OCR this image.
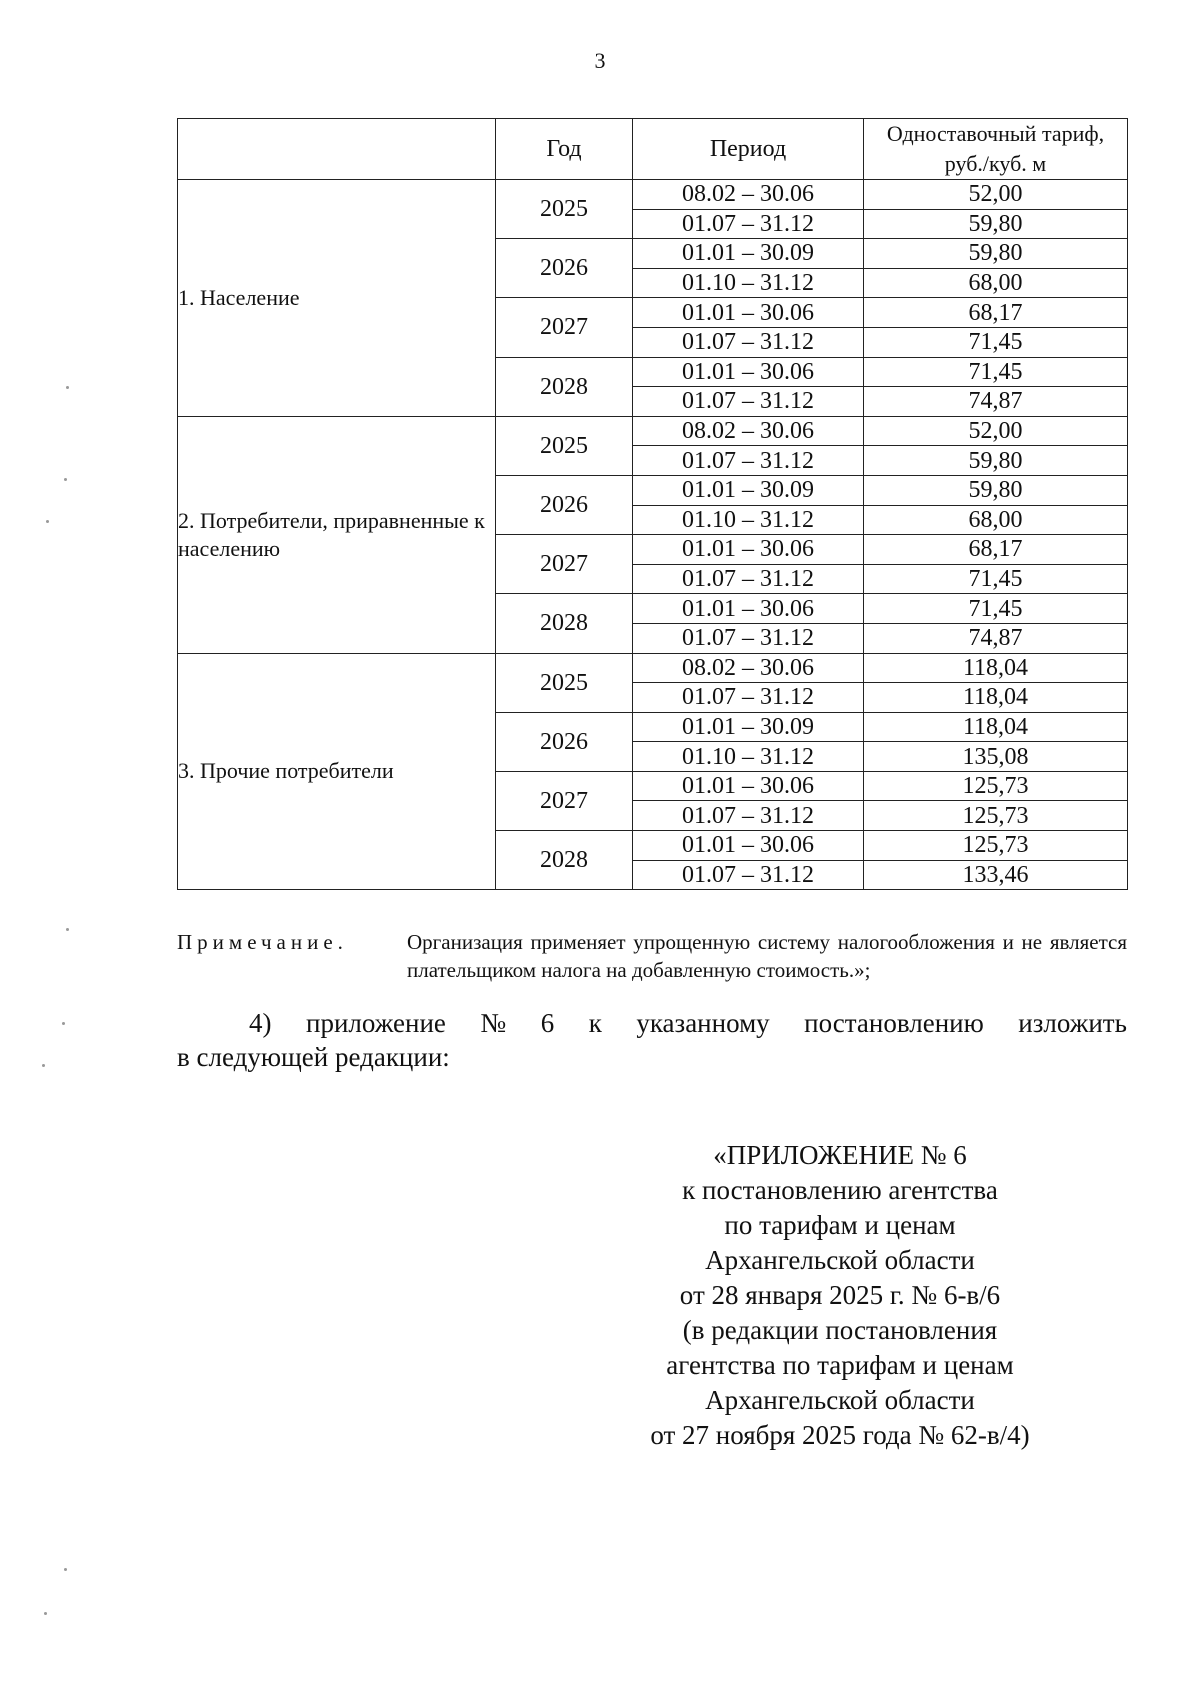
3
	Год	Период	Одноставочный тариф,
руб./куб. м

1. Население	2025	08.02 – 30.06	52,00
		01.07 – 31.12	59,80
	2026	01.01 – 30.09	59,80
		01.10 – 31.12	68,00
	2027	01.01 – 30.06	68,17
		01.07 – 31.12	71,45
	2028	01.01 – 30.06	71,45
		01.07 – 31.12	74,87
2. Потребители, приравненные к населению	2025	08.02 – 30.06	52,00
		01.07 – 31.12	59,80
	2026	01.01 – 30.09	59,80
		01.10 – 31.12	68,00
	2027	01.01 – 30.06	68,17
		01.07 – 31.12	71,45
	2028	01.01 – 30.06	71,45
		01.07 – 31.12	74,87
3. Прочие потребители	2025	08.02 – 30.06	118,04
		01.07 – 31.12	118,04
	2026	01.01 – 30.09	118,04
		01.10 – 31.12	135,08
	2027	01.01 – 30.06	125,73
		01.07 – 31.12	125,73
	2028	01.01 – 30.06	125,73
		01.07 – 31.12	133,46
Примечание.	Организация применяет упрощенную систему налогообложения и не является плательщиком налога на добавленную стоимость.»;
4) приложение № 6 к указанному постановлению изложить
в следующей редакции:
«ПРИЛОЖЕНИЕ № 6
к постановлению агентства
по тарифам и ценам
Архангельской области
от 28 января 2025 г. № 6-в/6
(в редакции постановления
агентства по тарифам и ценам
Архангельской области
от 27 ноября 2025 года № 62-в/4)
